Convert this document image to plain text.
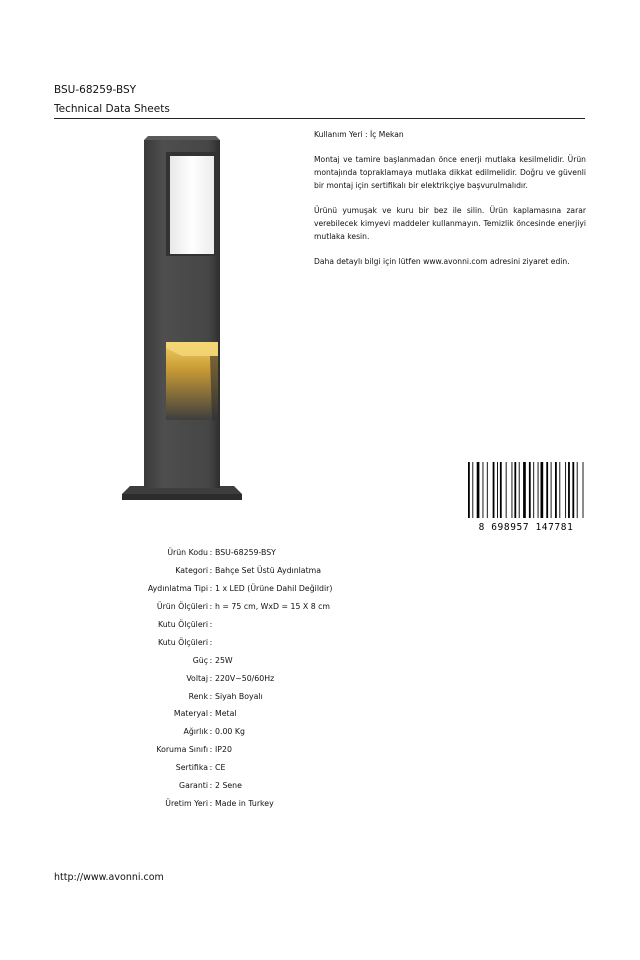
BSU-68259-BSY
Technical Data Sheets

Kullanım Yeri : İç Mekan

Montaj ve tamire başlanmadan önce enerji mutlaka kesilmelidir. Ürün montajında topraklamaya mutlaka dikkat edilmelidir. Doğru ve güvenli bir montaj için sertifikalı bir elektrikçiye başvurulmalıdır.

Ürünü yumuşak ve kuru bir bez ile silin. Ürün kaplamasına zarar verebilecek kimyevi maddeler kullanmayın. Temizlik öncesinde enerjiyi mutlaka kesin.

Daha detaylı bilgi için lütfen www.avonni.com adresini ziyaret edin.

8 698957 147781
Ürün Kodu : BSU-68259-BSY
Kategori : Bahçe Set Üstü Aydınlatma
Aydınlatma Tipi : 1 x LED (Ürüne Dahil Değildir)
Ürün Ölçüleri : h = 75 cm, WxD = 15 X 8 cm
Kutu Ölçüleri :
Kutu Ölçüleri :
Güç : 25W
Voltaj : 220V~50/60Hz
Renk : Siyah Boyalı
Materyal : Metal
Ağırlık : 0.00 Kg
Koruma Sınıfı : IP20
Sertifika : CE
Garanti : 2 Sene
Üretim Yeri : Made in Turkey
http://www.avonni.com
